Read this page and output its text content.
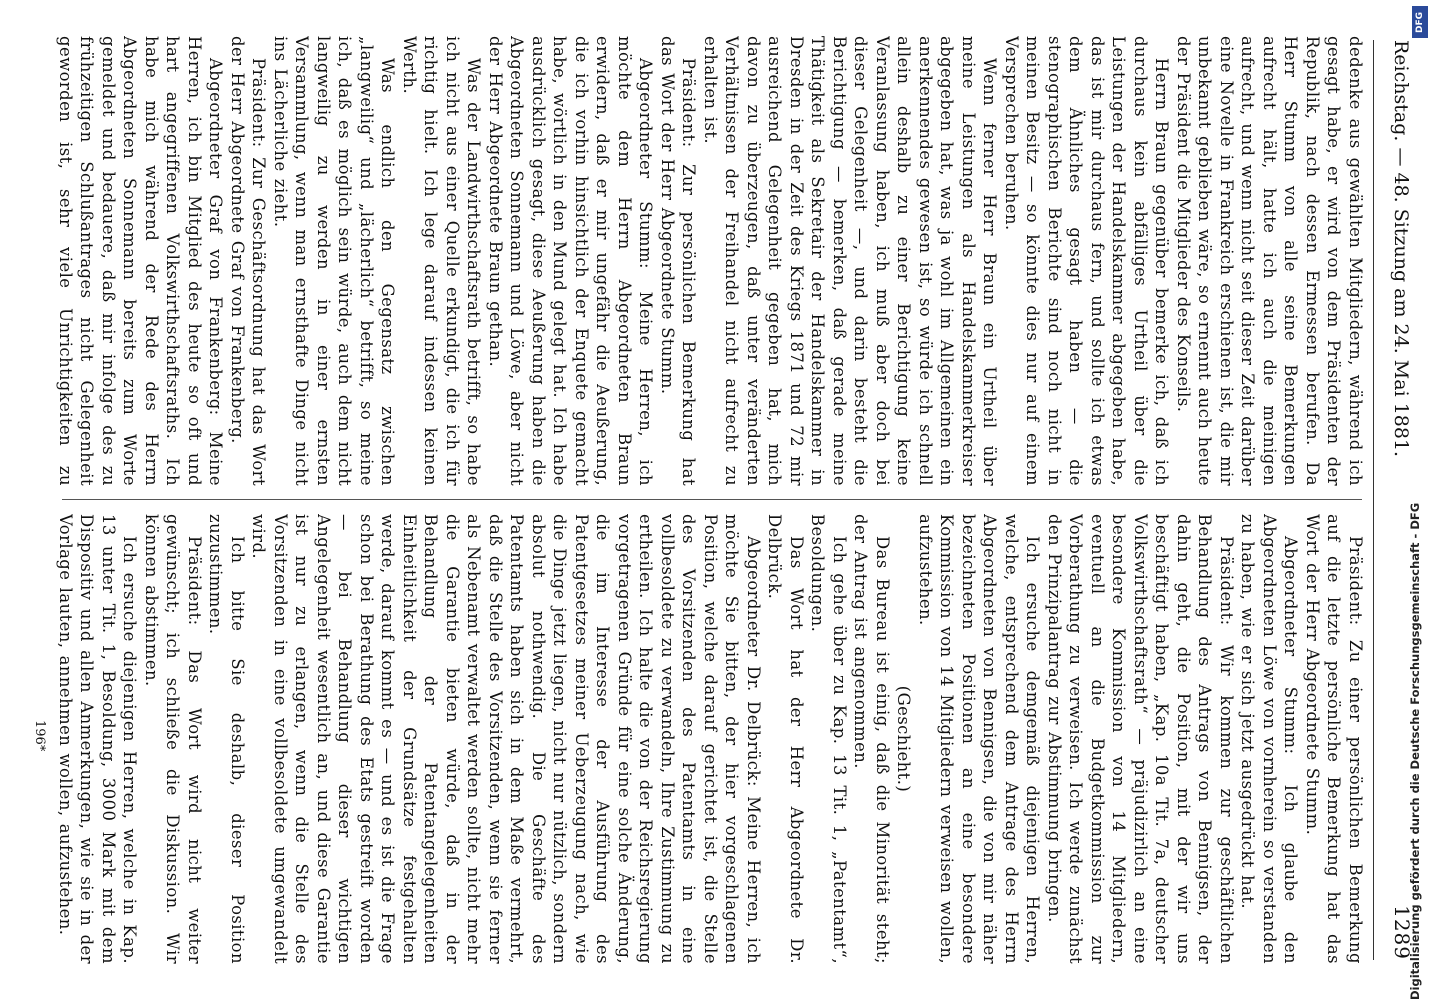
Reichstag. — 48. Sitzung am 24. Mai 1881.
1289

dedenke aus gewählten Mitgliedern, während ich gesagt habe, er wird von dem Präsidenten der Republik, nach dessen Ermessen berufen. Da Herr Stumm von alle seine Bemerkungen aufrecht hält, hatte ich auch die meinigen aufrecht, und wenn nicht seit dieser Zeit darüber eine Novelle in Frankreich erschienen ist, die mir unbekannt geblieben wäre, so ernennt auch heute der Präsident die Mitglieder des Konseils.

Herrn Braun gegenüber bemerke ich, daß ich durchaus kein abfälliges Urtheil über die Leistungen der Handelskammer abgegeben habe, das ist mir durchaus fern, und sollte ich etwas dem Ähnliches gesagt haben — die stenographischen Berichte sind noch nicht in meinen Besitz — so könnte dies nur auf einem Versprechen beruhen.

Wenn ferner Herr Braun ein Urtheil über meine Leistungen als Handelskammerkreiser abgegeben hat, was ja wohl im Allgemeinen ein anerkennendes gewesen ist, so würde ich schnell allein deshalb zu einer Berichtigung keine Veranlassung haben, ich muß aber doch bei dieser Gelegenheit —, und darin besteht die Berichtigung — bemerken, daß gerade meine Thätigkeit als Sekretair der Handelskammer in Dresden in der Zeit des Kriegs 1871 und 72 mir ausreichend Gelegenheit gegeben hat, mich davon zu überzeugen, daß unter veränderten Verhältnissen der Freihandel nicht aufrecht zu erhalten ist.

Präsident: Zur persönlichen Bemerkung hat das Wort der Herr Abgeordnete Stumm.

Abgeordneter Stumm: Meine Herren, ich möchte dem Herrn Abgeordneten Braun erwidern, daß er mir ungefähr die Aeußerung, die ich vorhin hinsichtlich der Enquete gemacht habe, wörtlich in den Mund gelegt hat. Ich habe ausdrücklich gesagt, diese Aeußerung haben die Abgeordneten Sonnemann und Löwe, aber nicht der Herr Abgeordnete Braun gethan.

Was der Landwirthschaftsrath betrifft, so habe ich nicht aus einer Quelle erkundigt, die ich für richtig hielt. Ich lege darauf indessen keinen Werth.

Was endlich den Gegensatz zwischen „langweilig“ und „lächerlich“ betrifft, so meine ich, daß es möglich sein würde, auch dem nicht langweilig zu werden in einer ernsten Versammlung, wenn man ernsthafte Dinge nicht ins Lächerliche zieht.

Präsident: Zur Geschäftsordnung hat das Wort der Herr Abgeordnete Graf von Frankenberg.

Abgeordneter Graf von Frankenberg: Meine Herren, ich bin Mitglied des heute so oft und hart angegriffenen Volkswirthschaftsraths. Ich habe mich während der Rede des Herrn Abgeordneten Sonnemann bereits zum Worte gemeldet und bedauere, daß mir infolge des zu frühzeitigen Schlußantrages nicht Gelegenheit geworden ist, sehr viele Unrichtigkeiten zu

Präsident: Zu einer persönlichen Bemerkung auf die letzte persönliche Bemerkung hat das Wort der Herr Abgeordnete Stumm.

Abgeordneter Stumm: Ich glaube den Abgeordneten Löwe von vornherein so verstanden zu haben, wie er sich jetzt ausgedrückt hat.

Präsident: Wir kommen zur geschäftlichen Behandlung des Antrags von Bennigsen, der dahin geht, die Position, mit der wir uns beschäftigt haben, „Kap. 10a Tit. 7a, deutscher Volkswirthschaftsrath“ — präjudizirlich an eine besondere Kommission von 14 Mitgliedern, eventuell an die Budgetkommission zur Vorberathung zu verweisen. Ich werde zunächst den Prinzipalantrag zur Abstimmung bringen.

Ich ersuche demgemäß diejenigen Herren, welche, entsprechend dem Antrage des Herrn Abgeordneten von Bennigsen, die von mir näher bezeichneten Positionen an eine besondere Kommission von 14 Mitgliedern verweisen wollen, aufzustehen.

(Geschieht.)

Das Bureau ist einig, daß die Minorität steht; der Antrag ist angenommen.

Ich gehe über zu Kap. 13 Tit. 1, „Patentamt“, Besoldungen.

Das Wort hat der Herr Abgeordnete Dr. Delbrück.

Abgeordneter Dr. Delbrück: Meine Herren, ich möchte Sie bitten, der hier vorgeschlagenen Position, welche darauf gerichtet ist, die Stelle des Vorsitzenden des Patentamts in eine vollbesoldete zu verwandeln, Ihre Zustimmung zu ertheilen. Ich halte die von der Reichsregierung vorgetragenen Gründe für eine solche Änderung, die im Interesse der Ausführung des Patentgesetzes meiner Ueberzeugung nach, wie die Dinge jetzt liegen, nicht nur nützlich, sondern absolut nothwendig. Die Geschäfte des Patentamts haben sich in dem Maße vermehrt, daß die Stelle des Vorsitzenden, wenn sie ferner als Nebenamt verwaltet werden sollte, nicht mehr die Garantie bieten würde, daß in der Behandlung der Patentangelegenheiten Einheitlichkeit der Grundsätze festgehalten werde, darauf kommt es — und es ist die Frage schon bei Berathung des Etats gestreift worden — bei Behandlung dieser wichtigen Angelegenheit wesentlich an, und diese Garantie ist nur zu erlangen, wenn die Stelle des Vorsitzenden in eine vollbesoldete umgewandelt wird.

Ich bitte Sie deshalb, dieser Position zuzustimmen.

Präsident: Das Wort wird nicht weiter gewünscht; ich schließe die Diskussion. Wir können abstimmen.

Ich ersuche diejenigen Herren, welche in Kap. 13 unter Tit. 1, Besoldung, 3000 Mark mit dem Dispositiv und allen Anmerkungen, wie sie in der Vorlage lauten, annehmen wollen, aufzustehen.

196*
DFG
Digitalisierung gefördert durch die Deutsche Forschungsgemeinschaft - DFG
